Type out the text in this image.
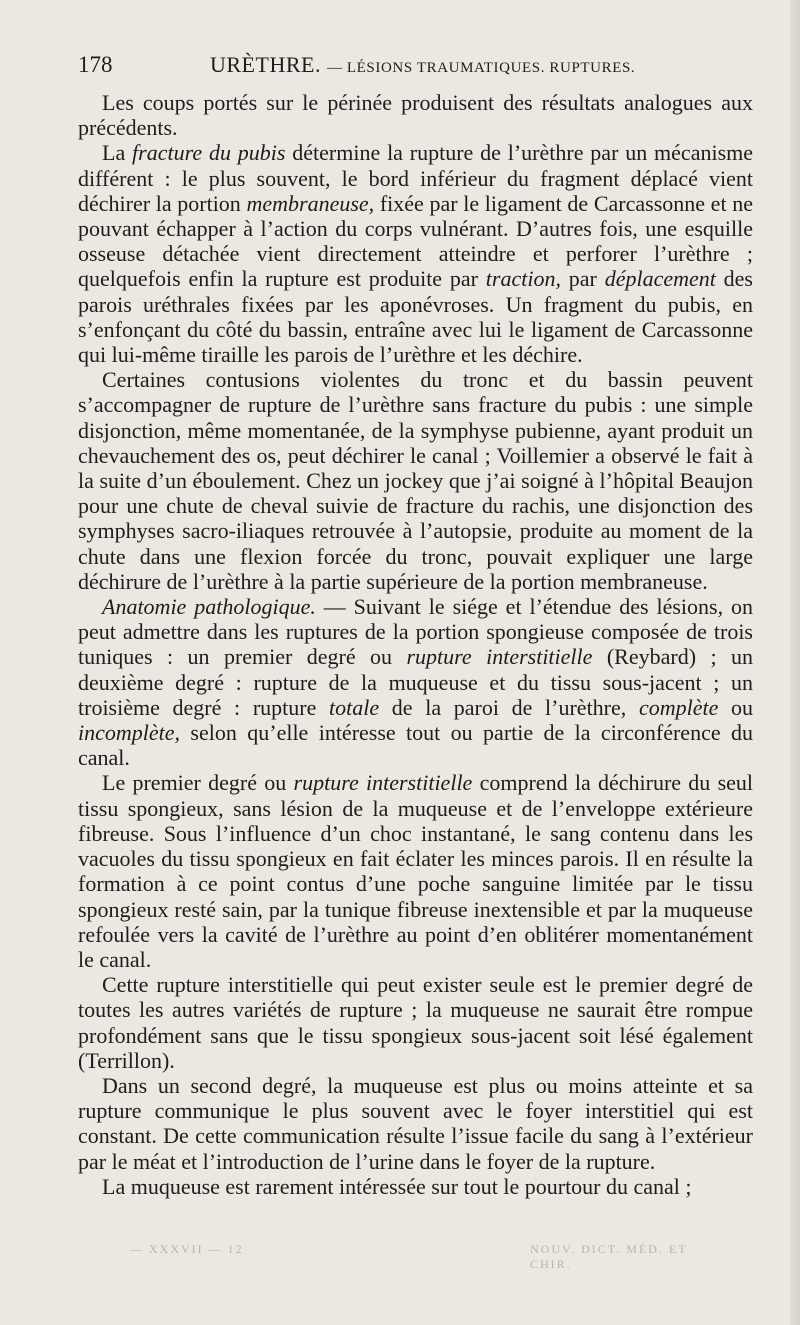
178	URÈTHRE. — LÉSIONS TRAUMATIQUES. RUPTURES.

Les coups portés sur le périnée produisent des résultats analogues aux précédents.

La fracture du pubis détermine la rupture de l’urèthre par un mécanisme différent : le plus souvent, le bord inférieur du fragment déplacé vient déchirer la portion membraneuse, fixée par le ligament de Carcassonne et ne pouvant échapper à l’action du corps vulnérant. D’autres fois, une esquille osseuse détachée vient directement atteindre et perforer l’urèthre ; quelquefois enfin la rupture est produite par traction, par déplacement des parois uréthrales fixées par les aponévroses. Un fragment du pubis, en s’enfonçant du côté du bassin, entraîne avec lui le ligament de Carcassonne qui lui-même tiraille les parois de l’urèthre et les déchire.

Certaines contusions violentes du tronc et du bassin peuvent s’accompagner de rupture de l’urèthre sans fracture du pubis : une simple disjonction, même momentanée, de la symphyse pubienne, ayant produit un chevauchement des os, peut déchirer le canal ; Voillemier a observé le fait à la suite d’un éboulement. Chez un jockey que j’ai soigné à l’hôpital Beaujon pour une chute de cheval suivie de fracture du rachis, une disjonction des symphyses sacro-iliaques retrouvée à l’autopsie, produite au moment de la chute dans une flexion forcée du tronc, pouvait expliquer une large déchirure de l’urèthre à la partie supérieure de la portion membraneuse.

Anatomie pathologique. — Suivant le siége et l’étendue des lésions, on peut admettre dans les ruptures de la portion spongieuse composée de trois tuniques : un premier degré ou rupture interstitielle (Reybard) ; un deuxième degré : rupture de la muqueuse et du tissu sous-jacent ; un troisième degré : rupture totale de la paroi de l’urèthre, complète ou incomplète, selon qu’elle intéresse tout ou partie de la circonférence du canal.

Le premier degré ou rupture interstitielle comprend la déchirure du seul tissu spongieux, sans lésion de la muqueuse et de l’enveloppe extérieure fibreuse. Sous l’influence d’un choc instantané, le sang contenu dans les vacuoles du tissu spongieux en fait éclater les minces parois. Il en résulte la formation à ce point contus d’une poche sanguine limitée par le tissu spongieux resté sain, par la tunique fibreuse inextensible et par la muqueuse refoulée vers la cavité de l’urèthre au point d’en oblitérer momentanément le canal.

Cette rupture interstitielle qui peut exister seule est le premier degré de toutes les autres variétés de rupture ; la muqueuse ne saurait être rompue profondément sans que le tissu spongieux sous-jacent soit lésé également (Terrillon).

Dans un second degré, la muqueuse est plus ou moins atteinte et sa rupture communique le plus souvent avec le foyer interstitiel qui est constant. De cette communication résulte l’issue facile du sang à l’extérieur par le méat et l’introduction de l’urine dans le foyer de la rupture.

La muqueuse est rarement intéressée sur tout le pourtour du canal ;

— XXXVII — 12	NOUV. DICT. MÉD. ET CHIR.
